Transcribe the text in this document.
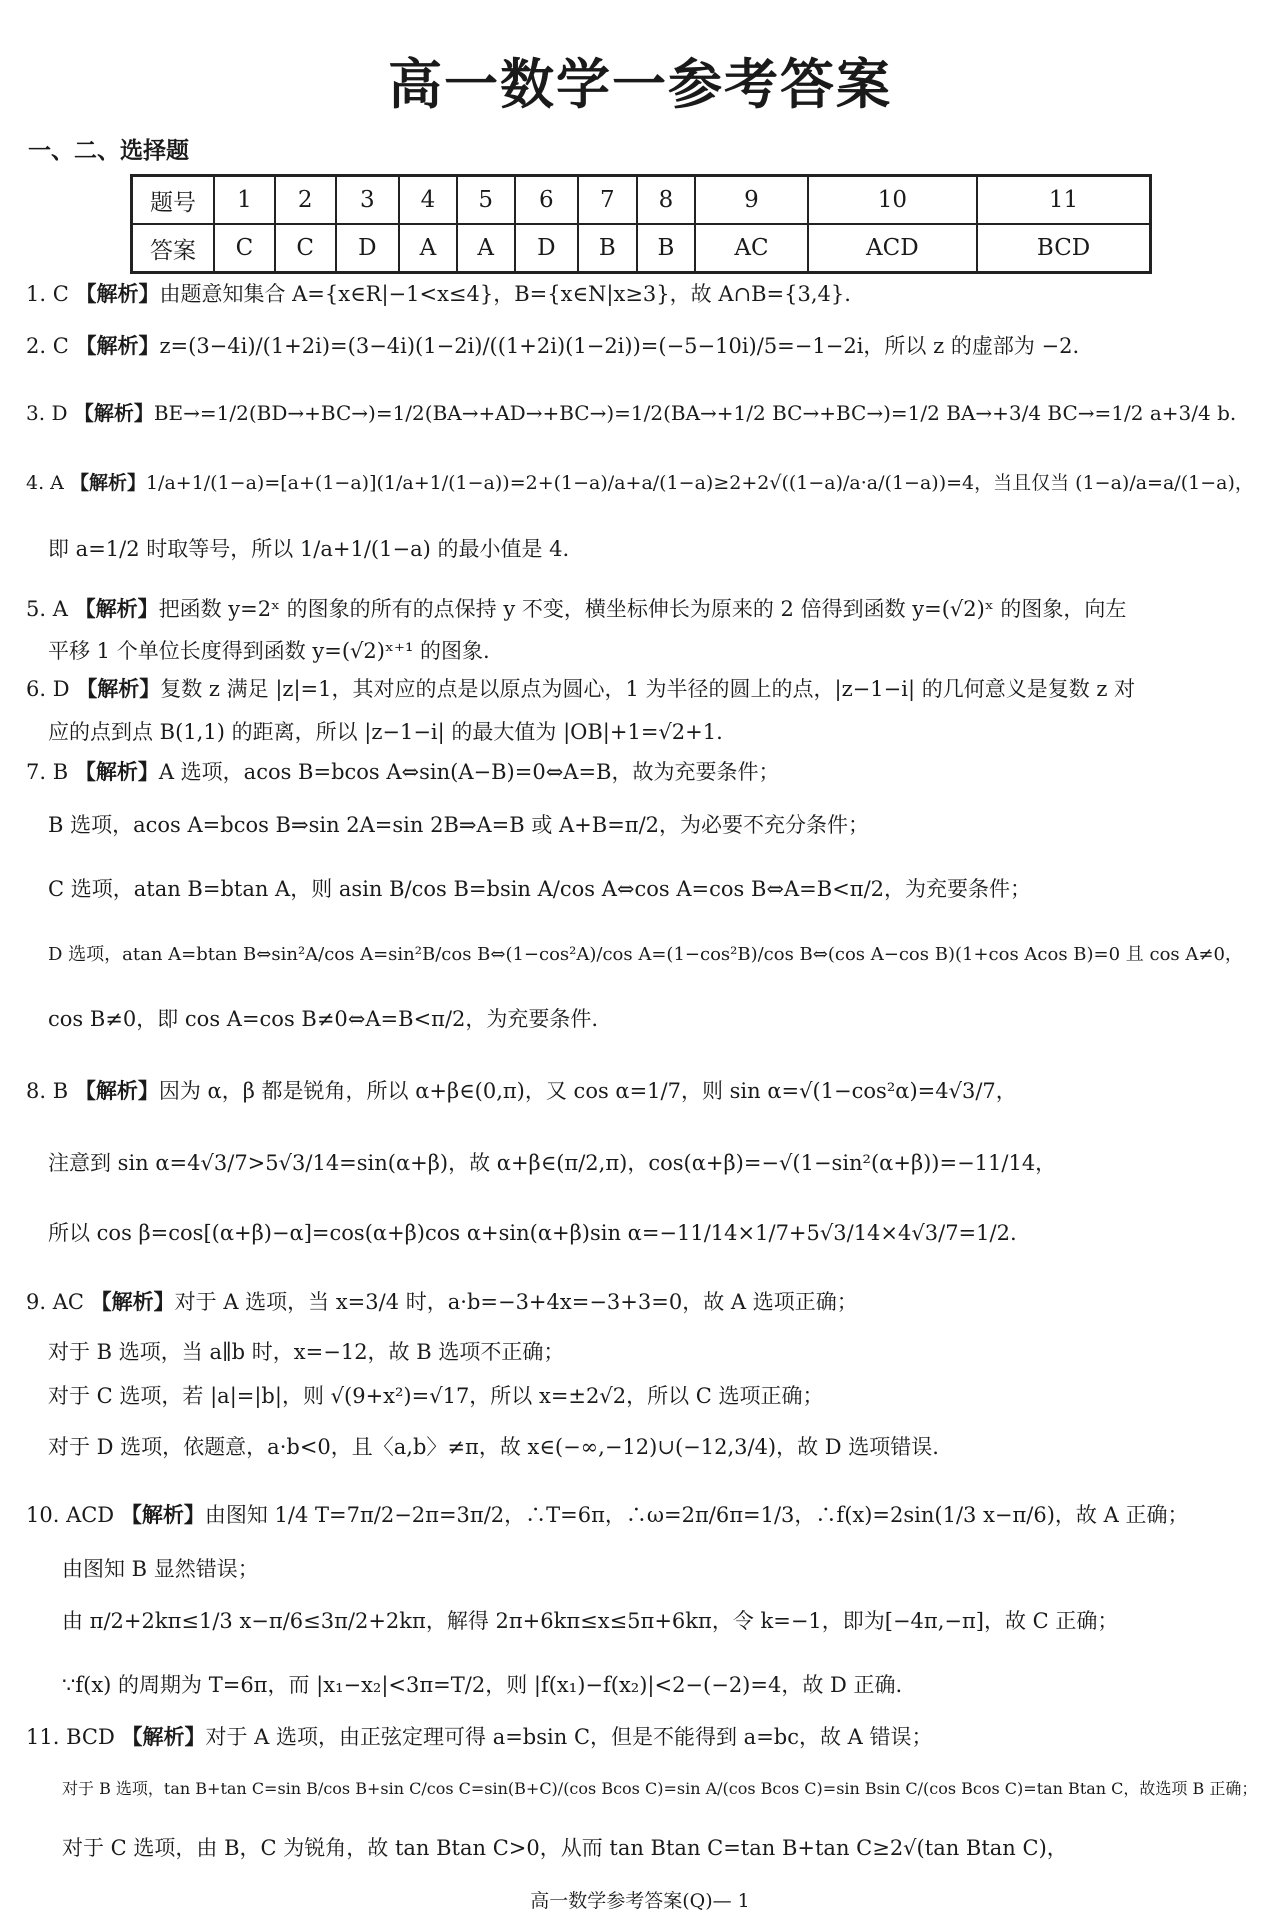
高一数学一参考答案
一、二、选择题
题号	1	2	3	4	5	6	7	8	9	10	11
答案	C	C	D	A	A	D	B	B	AC	ACD	BCD
1. C 【解析】由题意知集合 A={x∈R|−1<x≤4}，B={x∈N|x≥3}，故 A∩B={3,4}.
2. C 【解析】z=(3−4i)/(1+2i)=(3−4i)(1−2i)/((1+2i)(1−2i))=(−5−10i)/5=−1−2i，所以 z 的虚部为 −2.
3. D 【解析】BE→=1/2(BD→+BC→)=1/2(BA→+AD→+BC→)=1/2(BA→+1/2 BC→+BC→)=1/2 BA→+3/4 BC→=1/2 a+3/4 b.
4. A 【解析】1/a+1/(1−a)=[a+(1−a)](1/a+1/(1−a))=2+(1−a)/a+a/(1−a)≥2+2√((1−a)/a·a/(1−a))=4，当且仅当 (1−a)/a=a/(1−a)，
即 a=1/2 时取等号，所以 1/a+1/(1−a) 的最小值是 4.
5. A 【解析】把函数 y=2ˣ 的图象的所有的点保持 y 不变，横坐标伸长为原来的 2 倍得到函数 y=(√2)ˣ 的图象，向左
平移 1 个单位长度得到函数 y=(√2)ˣ⁺¹ 的图象.
6. D 【解析】复数 z 满足 |z|=1，其对应的点是以原点为圆心，1 为半径的圆上的点，|z−1−i| 的几何意义是复数 z 对
应的点到点 B(1,1) 的距离，所以 |z−1−i| 的最大值为 |OB|+1=√2+1.
7. B 【解析】A 选项，acos B=bcos A⇔sin(A−B)=0⇔A=B，故为充要条件；
B 选项，acos A=bcos B⇒sin 2A=sin 2B⇒A=B 或 A+B=π/2，为必要不充分条件；
C 选项，atan B=btan A，则 asin B/cos B=bsin A/cos A⇔cos A=cos B⇔A=B<π/2，为充要条件；
D 选项，atan A=btan B⇔sin²A/cos A=sin²B/cos B⇔(1−cos²A)/cos A=(1−cos²B)/cos B⇔(cos A−cos B)(1+cos Acos B)=0 且 cos A≠0，
cos B≠0，即 cos A=cos B≠0⇔A=B<π/2，为充要条件.
8. B 【解析】因为 α，β 都是锐角，所以 α+β∈(0,π)，又 cos α=1/7，则 sin α=√(1−cos²α)=4√3/7，
注意到 sin α=4√3/7>5√3/14=sin(α+β)，故 α+β∈(π/2,π)，cos(α+β)=−√(1−sin²(α+β))=−11/14，
所以 cos β=cos[(α+β)−α]=cos(α+β)cos α+sin(α+β)sin α=−11/14×1/7+5√3/14×4√3/7=1/2.
9. AC 【解析】对于 A 选项，当 x=3/4 时，a·b=−3+4x=−3+3=0，故 A 选项正确；
对于 B 选项，当 a∥b 时，x=−12，故 B 选项不正确；
对于 C 选项，若 |a|=|b|，则 √(9+x²)=√17，所以 x=±2√2，所以 C 选项正确；
对于 D 选项，依题意，a·b<0，且〈a,b〉≠π，故 x∈(−∞,−12)∪(−12,3/4)，故 D 选项错误.
10. ACD 【解析】由图知 1/4 T=7π/2−2π=3π/2，∴T=6π，∴ω=2π/6π=1/3，∴f(x)=2sin(1/3 x−π/6)，故 A 正确；
由图知 B 显然错误；
由 π/2+2kπ≤1/3 x−π/6≤3π/2+2kπ，解得 2π+6kπ≤x≤5π+6kπ，令 k=−1，即为[−4π,−π]，故 C 正确；
∵f(x) 的周期为 T=6π，而 |x₁−x₂|<3π=T/2，则 |f(x₁)−f(x₂)|<2−(−2)=4，故 D 正确.
11. BCD 【解析】对于 A 选项，由正弦定理可得 a=bsin C，但是不能得到 a=bc，故 A 错误；
对于 B 选项，tan B+tan C=sin B/cos B+sin C/cos C=sin(B+C)/(cos Bcos C)=sin A/(cos Bcos C)=sin Bsin C/(cos Bcos C)=tan Btan C，故选项 B 正确；
对于 C 选项，由 B，C 为锐角，故 tan Btan C>0，从而 tan Btan C=tan B+tan C≥2√(tan Btan C)，
高一数学参考答案(Q)— 1
